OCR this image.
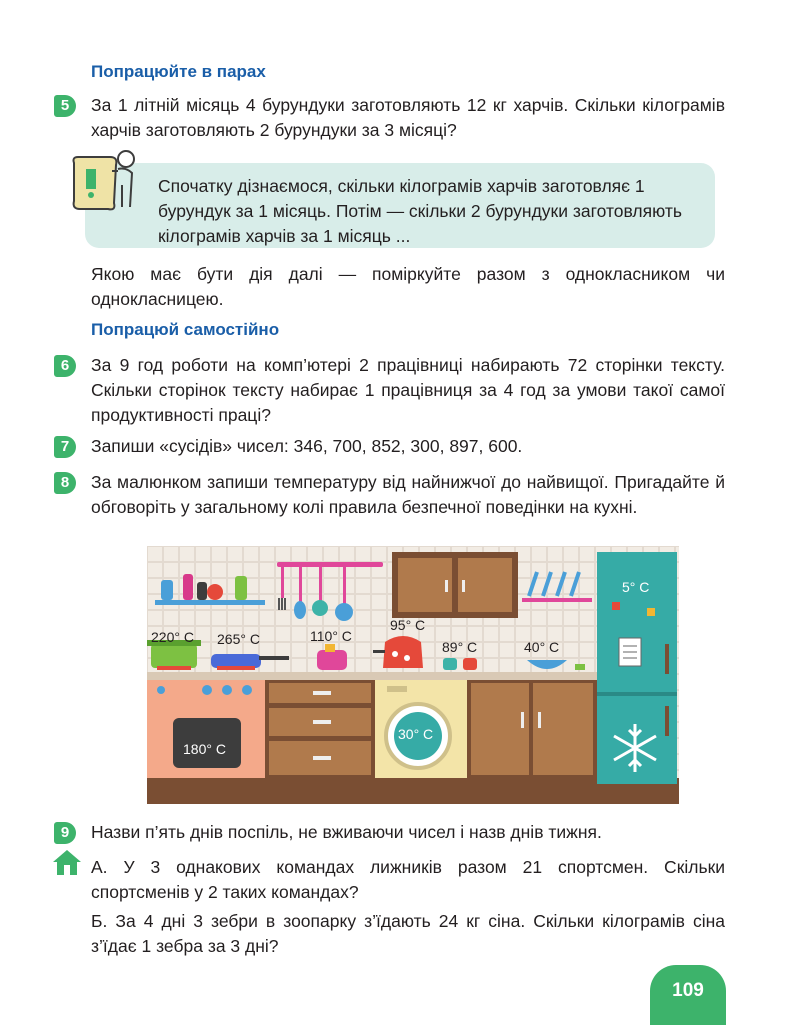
Попрацюйте в парах
5	За 1 літній місяць 4 бурундуки заготовляють 12 кг харчів. Скільки кілограмів харчів заготовляють 2 бурундуки за 3 місяці?
Спочатку дізнаємося, скільки кілограмів харчів заготовляє 1 бурундук за 1 місяць. Потім — скільки 2 бурундуки заготовляють кілограмів харчів за 1 місяць ...
Якою має бути дія далі — поміркуйте разом з однокласником чи однокласницею.
Попрацюй самостійно
6	За 9 год роботи на комп’ютері 2 працівниці набирають 72 сторінки тексту. Скільки сторінок тексту набирає 1 працівниця за 4 год за умови такої самої продуктивності праці?
7	Запиши «сусідів» чисел: 346, 700, 852, 300, 897, 600.
8	За малюнком запиши температуру від найнижчої до найвищої. Пригадайте й обговоріть у загальному колі правила безпечної поведінки на кухні.
220° C 265° C	110° C
95° C
89° C	40° C
5° C
180° C
30° C
9	Назви п’ять днів поспіль, не вживаючи чисел і назв днів тижня.
А. У 3 однакових командах лижників разом 21 спортсмен. Скільки спортсменів у 2 таких командах?
Б. За 4 дні 3 зебри в зоопарку з’їдають 24 кг сіна. Скільки кілограмів сіна з’їдає 1 зебра за 3 дні?
109
